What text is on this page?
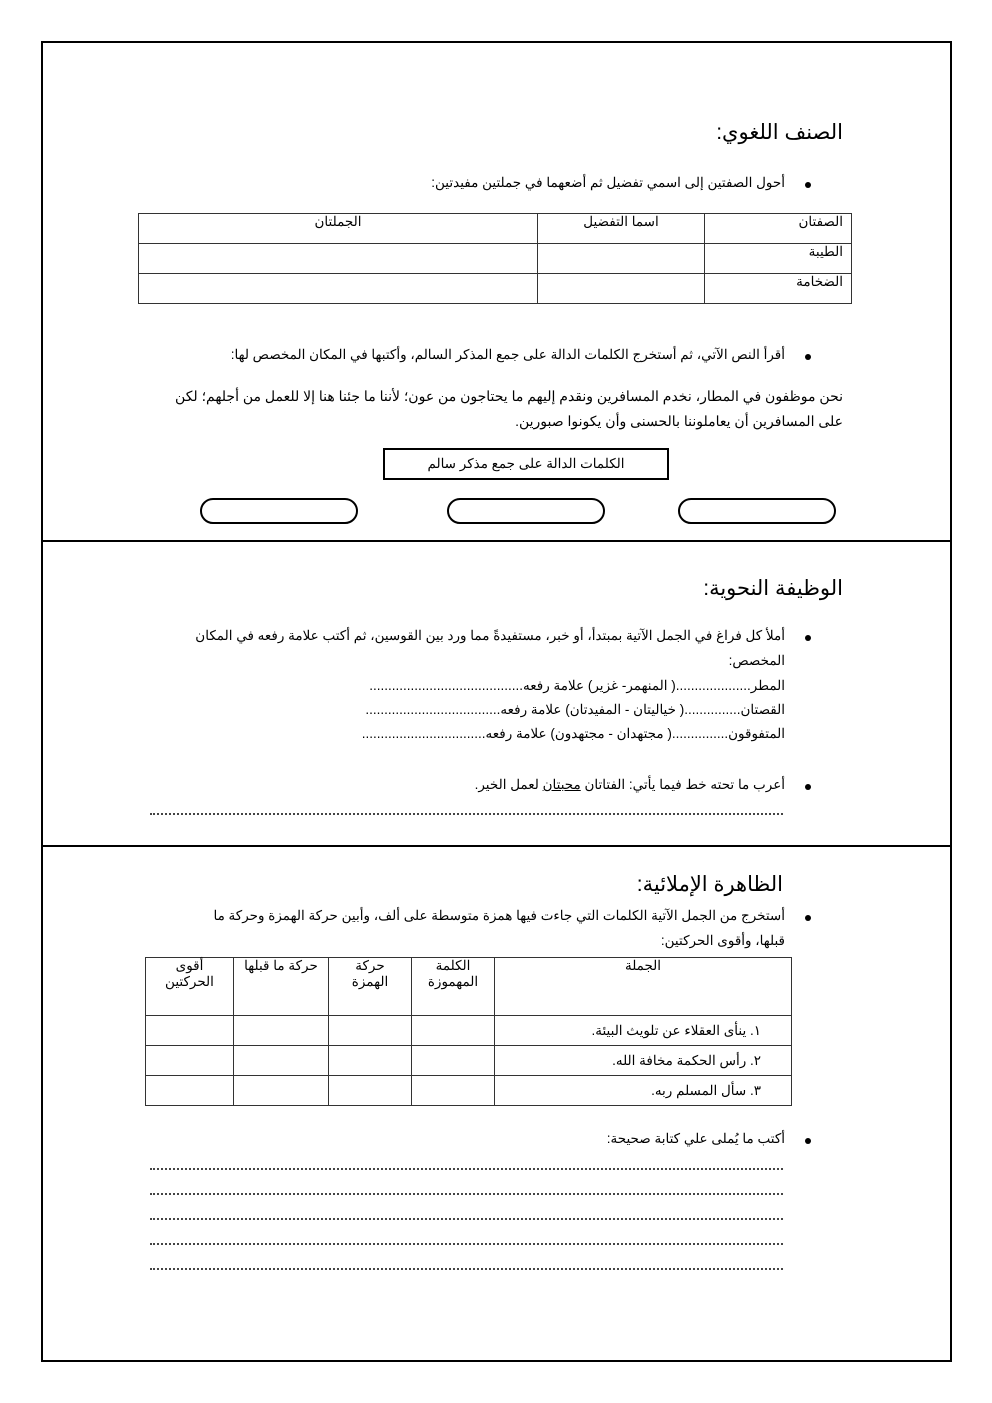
الصنف اللغوي:
أحول الصفتين إلى اسمي تفضيل ثم أضعهما في جملتين مفيدتين:
الصفتان	اسما التفضيل	الجملتان
الطيبة		
الضخامة		
أقرأ النص الآتي، ثم أستخرج الكلمات الدالة على جمع المذكر السالم، وأكتبها في المكان المخصص لها:
نحن موظفون في المطار، نخدم المسافرين ونقدم إليهم ما يحتاجون من عون؛ لأننا ما جئنا هنا إلا للعمل من أجلهم؛ لكن
على المسافرين أن يعاملوننا بالحسنى وأن يكونوا صبورين.
الكلمات الدالة على جمع مذكر سالم
الوظيفة النحوية:
أملأ كل فراغ في الجمل الآتية بمبتدأ، أو خبر، مستفيدةً مما ورد بين القوسين، ثم أكتب علامة رفعه في المكان
المخصص:
المطر....................( المنهمر- غزير) علامة رفعه.........................................
القصتان...............( خياليتان - المفيدتان) علامة رفعه....................................
المتفوقون...............( مجتهدان - مجتهدون) علامة رفعه.................................
أعرب ما تحته خط فيما يأتي: الفتاتان محبتان لعمل الخير.
الظاهرة الإملائية:
أستخرج من الجمل الآتية الكلمات التي جاءت فيها همزة متوسطة على ألف، وأبين حركة الهمزة وحركة ما
قبلها، وأقوى الحركتين:
الجملة	الكلمة المهموزة	حركة الهمزة	حركة ما قبلها	أقوى الحركتين
١. ينأى العقلاء عن تلويث البيئة.				
٢. رأس الحكمة مخافة الله.				
٣. سأل المسلم ربه.				
أكتب ما يُملى علي كتابة صحيحة:
